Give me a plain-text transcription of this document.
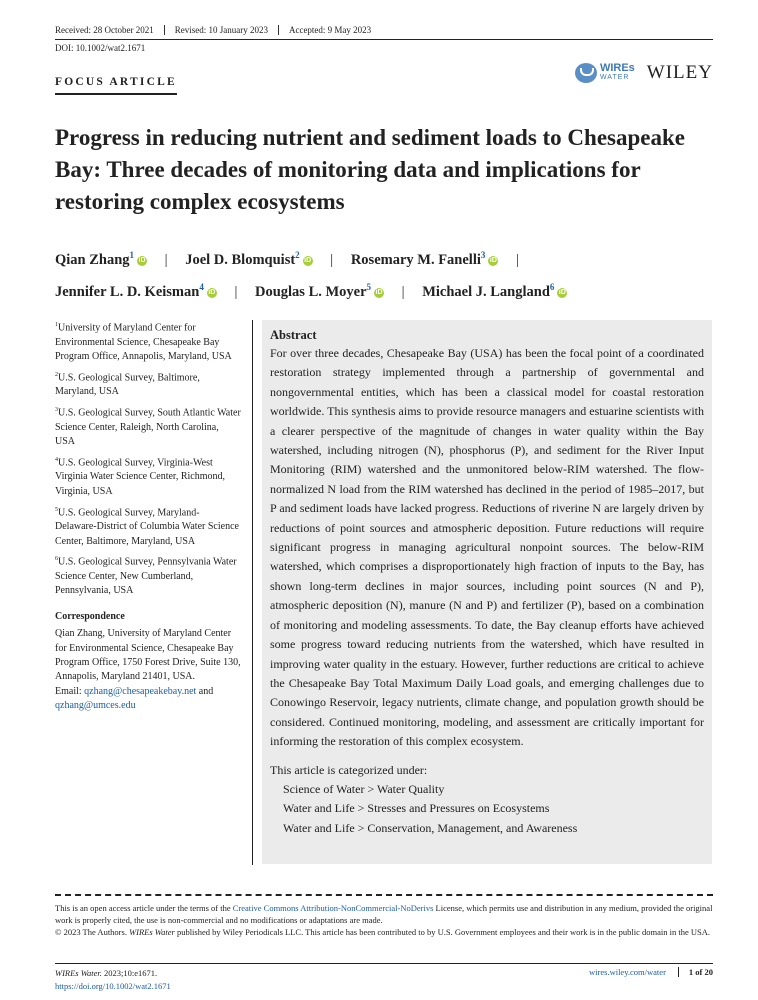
Received: 28 October 2021	Revised: 10 January 2023	Accepted: 9 May 2023
DOI: 10.1002/wat2.1671
FOCUS ARTICLE
WIREs
WATER WILEY
Progress in reducing nutrient and sediment loads to Chesapeake Bay: Three decades of monitoring data and implications for restoring complex ecosystems
Qian Zhang$^1$iD | Joel D. Blomquist$^2$iD | Rosemary M. Fanelli$^3$iD |
Jennifer L. D. Keisman$^4$iD | Douglas L. Moyer$^5$iD | Michael J. Langland$^6$iD

$^1$University of Maryland Center for Environmental Science, Chesapeake Bay Program Office, Annapolis, Maryland, USA

$^2$U.S. Geological Survey, Baltimore, Maryland, USA

$^3$U.S. Geological Survey, South Atlantic Water Science Center, Raleigh, North Carolina, USA

$^4$U.S. Geological Survey, Virginia-West Virginia Water Science Center, Richmond, Virginia, USA

$^5$U.S. Geological Survey, Maryland-Delaware-District of Columbia Water Science Center, Baltimore, Maryland, USA

$^6$U.S. Geological Survey, Pennsylvania Water Science Center, New Cumberland, Pennsylvania, USA

Correspondence

Qian Zhang, University of Maryland Center for Environmental Science, Chesapeake Bay Program Office, 1750 Forest Drive, Suite 130, Annapolis, Maryland 21401, USA.
Email: qzhang@chesapeakebay.net and qzhang@umces.edu

Abstract
For over three decades, Chesapeake Bay (USA) has been the focal point of a coordinated restoration strategy implemented through a partnership of governmental and nongovernmental entities, which has been a classical model for coastal restoration worldwide. This synthesis aims to provide resource managers and estuarine scientists with a clearer perspective of the magnitude of changes in water quality within the Bay watershed, including nitrogen (N), phosphorus (P), and sediment for the River Input Monitoring (RIM) watershed and the unmonitored below-RIM watershed. The flow-normalized N load from the RIM watershed has declined in the period of 1985–2017, but P and sediment loads have lacked progress. Reductions of riverine N are largely driven by reductions of point sources and atmospheric deposition. Future reductions will require significant progress in managing agricultural nonpoint sources. The below-RIM watershed, which comprises a disproportionately high fraction of inputs to the Bay, has shown long-term declines in major sources, including point sources (N and P), atmospheric deposition (N), manure (N and P) and fertilizer (P), based on a combination of monitoring and modeling assessments. To date, the Bay cleanup efforts have achieved some progress toward reducing nutrients from the watershed, which have resulted in improving water quality in the estuary. However, further reductions are critical to achieve the Chesapeake Bay Total Maximum Daily Load goals, and emerging challenges due to Conowingo Reservoir, legacy nutrients, climate change, and population growth should be considered. Continued monitoring, modeling, and assessment are critically important for informing the restoration of this complex ecosystem.
This article is categorized under:
Science of Water > Water Quality
Water and Life > Stresses and Pressures on Ecosystems
Water and Life > Conservation, Management, and Awareness

This is an open access article under the terms of the Creative Commons Attribution-NonCommercial-NoDerivs License, which permits use and distribution in any medium, provided the original work is properly cited, the use is non-commercial and no modifications or adaptations are made.

© 2023 The Authors. WIREs Water published by Wiley Periodicals LLC. This article has been contributed to by U.S. Government employees and their work is in the public domain in the USA.

WIREs Water. 2023;10:e1671.
https://doi.org/10.1002/wat2.1671
wires.wiley.com/water	1 of 20
